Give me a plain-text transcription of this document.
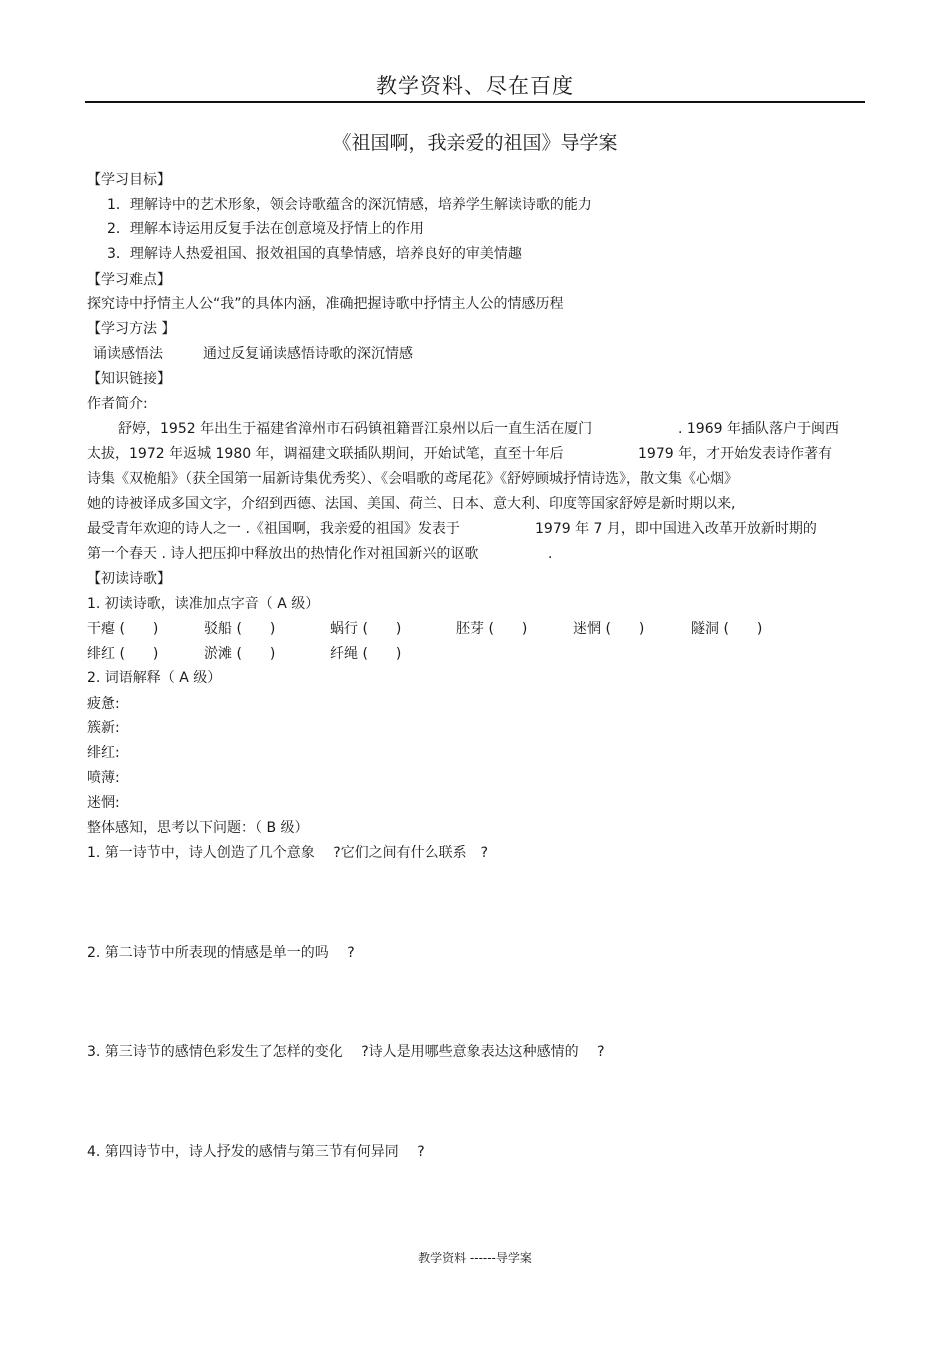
教学资料、尽在百度
《祖国啊，我亲爱的祖国》导学案
【学习目标】
1．理解诗中的艺术形象，领会诗歌蕴含的深沉情感，培养学生解读诗歌的能力
2．理解本诗运用反复手法在创意境及抒情上的作用
3．理解诗人热爱祖国、报效祖国的真挚情感，培养良好的审美情趣
【学习难点】
探究诗中抒情主人公“我”的具体内涵，准确把握诗歌中抒情主人公的情感历程
【学习方法 】
诵读感悟法	通过反复诵读感悟诗歌的深沉情感
【知识链接】
作者简介:
舒婷，1952 年出生于福建省漳州市石码镇祖籍晋江泉州以后一直生活在厦门	. 1969 年插队落户于闽西
太拔，1972 年返城 1980 年，调福建文联插队期间，开始试笔，直至十年后	1979 年，才开始发表诗作著有
诗集《双桅船》（获全国第一届新诗集优秀奖）、《会唱歌的鸢尾花》《舒婷顾城抒情诗选》，散文集《心烟》
她的诗被译成多国文字，介绍到西德、法国、美国、荷兰、日本、意大利、印度等国家舒婷是新时期以来,
最受青年欢迎的诗人之一 .《祖国啊，我亲爱的祖国》发表于	1979 年 7 月，即中国进入改革开放新时期的
第一个春天 . 诗人把压抑中释放出的热情化作对祖国新兴的讴歌	.
【初读诗歌】
1. 初读诗歌，读准加点字音（ A 级）
干瘪 (　　)	驳船 (　　)	蜗行 (　　)	胚芽 (　　)	迷惘 (　　)	隧洞 (　　)
绯红 (　　)	淤滩 (　　)	纤绳 (　　)
2. 词语解释（ A 级）
疲惫:
簇新:
绯红:
喷薄:
迷惘:
整体感知，思考以下问题：（ B 级）
1. 第一诗节中，诗人创造了几个意象　 ?它们之间有什么联系　?
2. 第二诗节中所表现的情感是单一的吗　 ?
3. 第三诗节的感情色彩发生了怎样的变化　 ?诗人是用哪些意象表达这种感情的　 ?
4. 第四诗节中，诗人抒发的感情与第三节有何异同　 ?
教学资料 ------导学案
